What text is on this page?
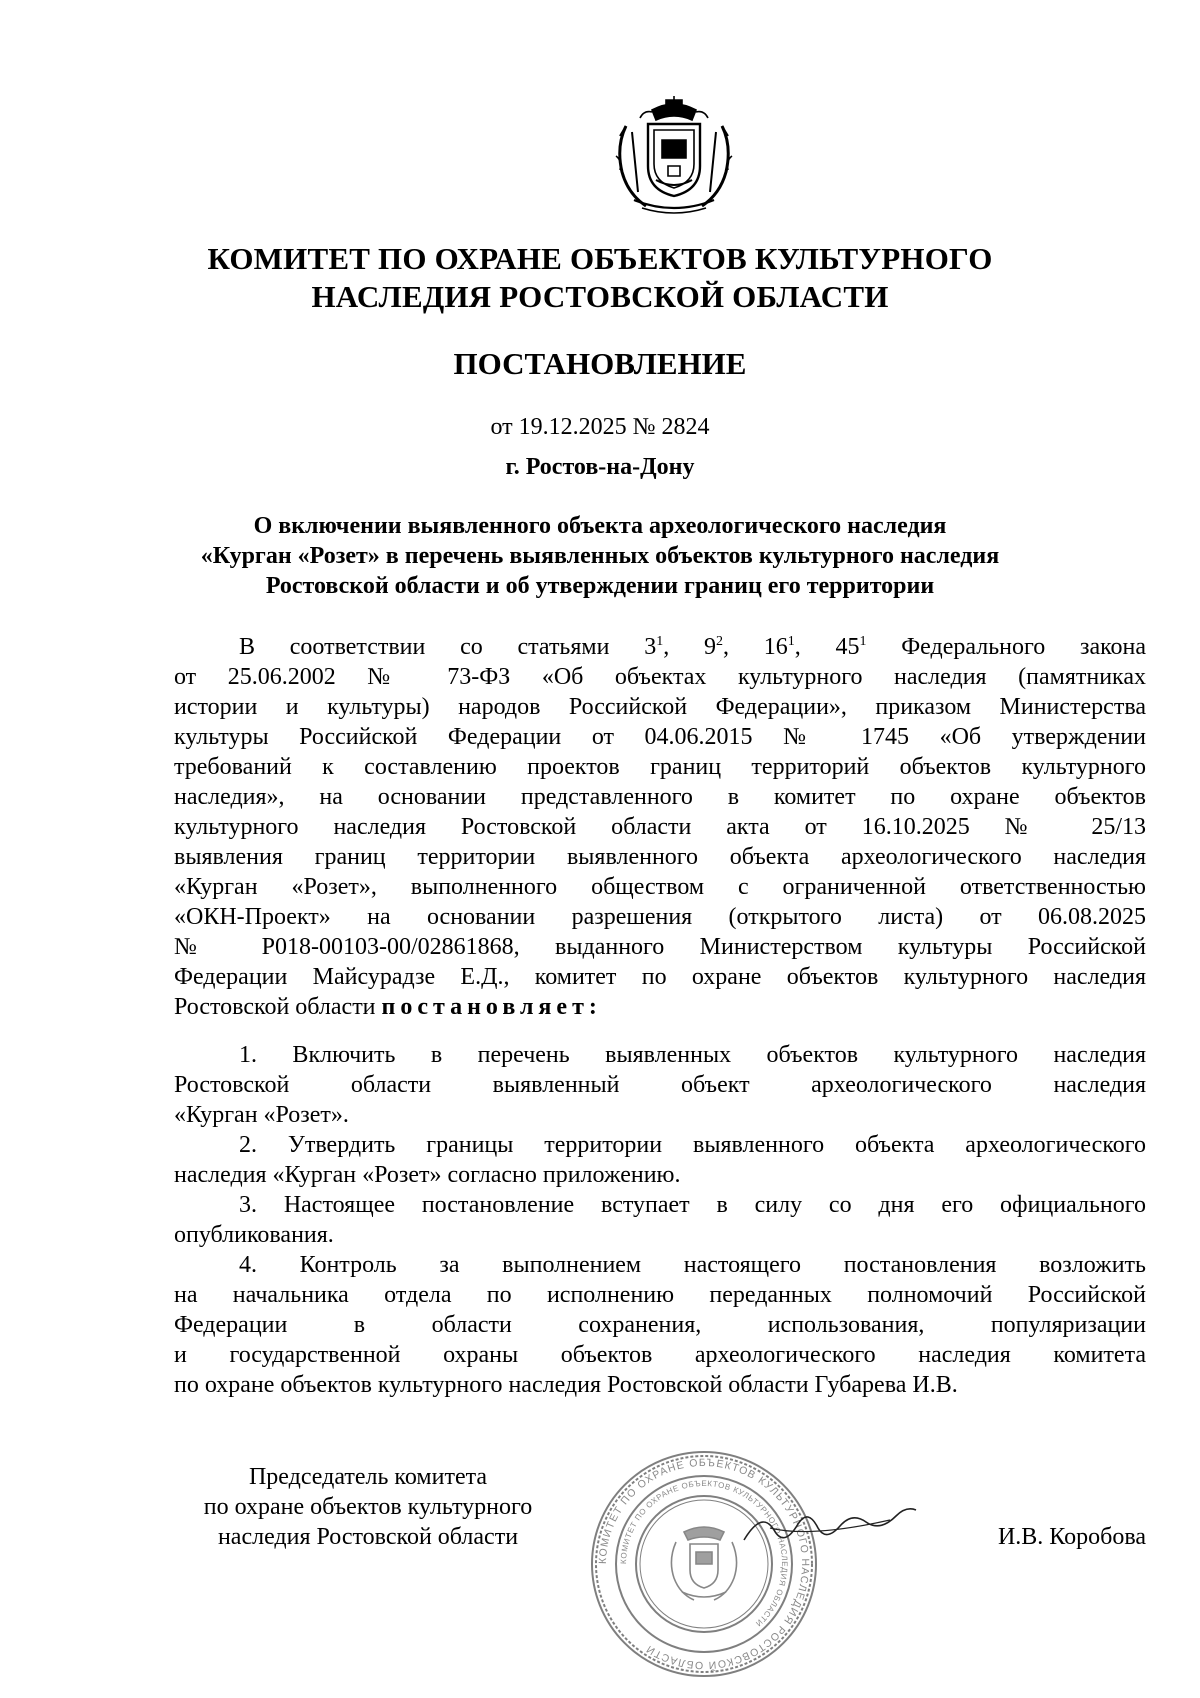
КОМИТЕТ ПО ОХРАНЕ ОБЪЕКТОВ КУЛЬТУРНОГО
НАСЛЕДИЯ РОСТОВСКОЙ ОБЛАСТИ
ПОСТАНОВЛЕНИЕ
от 19.12.2025 № 2824
г. Ростов-на-Дону
О включении выявленного объекта археологического наследия
«Курган «Розет» в перечень выявленных объектов культурного наследия
Ростовской области и об утверждении границ его территории
В соответствии со статьями $3^1$, $9^2$, $16^1$, $45^1$ Федерального закона
от 25.06.2002 № 73-ФЗ «Об объектах культурного наследия (памятниках
истории и культуры) народов Российской Федерации», приказом Министерства
культуры Российской Федерации от 04.06.2015 № 1745 «Об утверждении
требований к составлению проектов границ территорий объектов культурного
наследия», на основании представленного в комитет по охране объектов
культурного наследия Ростовской области акта от 16.10.2025 № 25/13
выявления границ территории выявленного объекта археологического наследия
«Курган «Розет», выполненного обществом с ограниченной ответственностью
«ОКН-Проект» на основании разрешения (открытого листа) от 06.08.2025
№ Р018-00103-00/02861868, выданного Министерством культуры Российской
Федерации Майсурадзе Е.Д., комитет по охране объектов культурного наследия
Ростовской области постановляет:
1. Включить в перечень выявленных объектов культурного наследия
Ростовской области выявленный объект археологического наследия
«Курган «Розет».
2. Утвердить границы территории выявленного объекта археологического
наследия «Курган «Розет» согласно приложению.
3. Настоящее постановление вступает в силу со дня его официального
опубликования.
4. Контроль за выполнением настоящего постановления возложить
на начальника отдела по исполнению переданных полномочий Российской
Федерации в области сохранения, использования, популяризации
и государственной охраны объектов археологического наследия комитета
по охране объектов культурного наследия Ростовской области Губарева И.В.
КОМИТЕТ ПО ОХРАНЕ ОБЪЕКТОВ КУЛЬТУРНОГО НАСЛЕДИЯ РОСТОВСКОЙ ОБЛАСТИ
КОМИТЕТ ПО ОХРАНЕ ОБЪЕКТОВ КУЛЬТУРНОГО НАСЛЕДИЯ ОБЛАСТИ
Председатель комитета
по охране объектов культурного
наследия Ростовской области	И.В. Коробова
